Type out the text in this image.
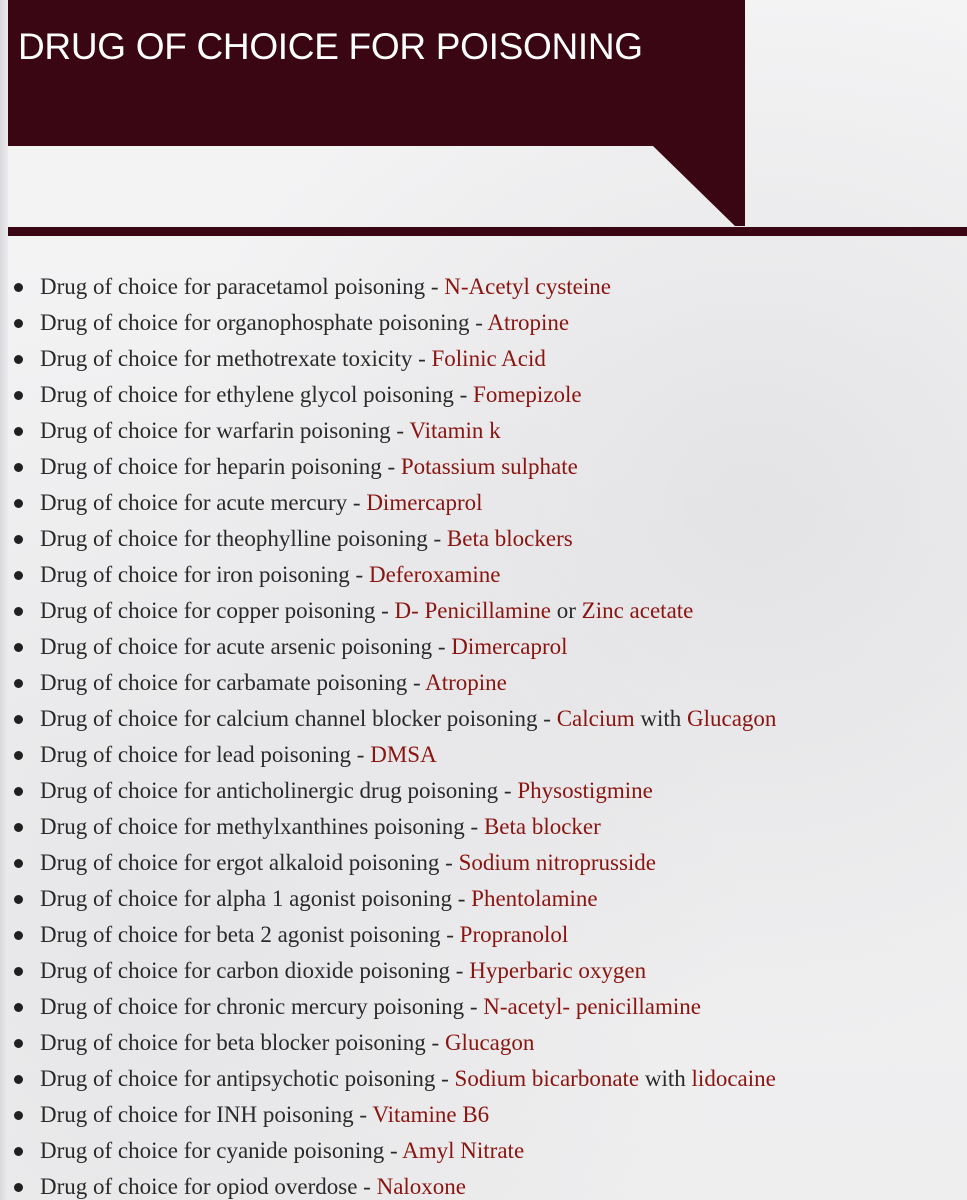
DRUG OF CHOICE FOR POISONING
Drug of choice for paracetamol poisoning - N-Acetyl cysteine
Drug of choice for organophosphate poisoning - Atropine
Drug of choice for methotrexate toxicity - Folinic Acid
Drug of choice for ethylene glycol poisoning - Fomepizole
Drug of choice for warfarin poisoning - Vitamin k
Drug of choice for heparin poisoning - Potassium sulphate
Drug of choice for acute mercury - Dimercaprol
Drug of choice for theophylline poisoning - Beta blockers
Drug of choice for iron poisoning - Deferoxamine
Drug of choice for copper poisoning - D- Penicillamine or Zinc acetate
Drug of choice for acute arsenic poisoning - Dimercaprol
Drug of choice for carbamate poisoning - Atropine
Drug of choice for calcium channel blocker poisoning - Calcium with Glucagon
Drug of choice for lead poisoning - DMSA
Drug of choice for anticholinergic drug poisoning - Physostigmine
Drug of choice for methylxanthines poisoning - Beta blocker
Drug of choice for ergot alkaloid poisoning - Sodium nitroprusside
Drug of choice for alpha 1 agonist poisoning - Phentolamine
Drug of choice for beta 2 agonist poisoning - Propranolol
Drug of choice for carbon dioxide poisoning - Hyperbaric oxygen
Drug of choice for chronic mercury poisoning - N-acetyl- penicillamine
Drug of choice for beta blocker poisoning - Glucagon
Drug of choice for antipsychotic poisoning - Sodium bicarbonate with lidocaine
Drug of choice for INH poisoning - Vitamine B6
Drug of choice for cyanide poisoning - Amyl Nitrate
Drug of choice for opiod overdose - Naloxone
